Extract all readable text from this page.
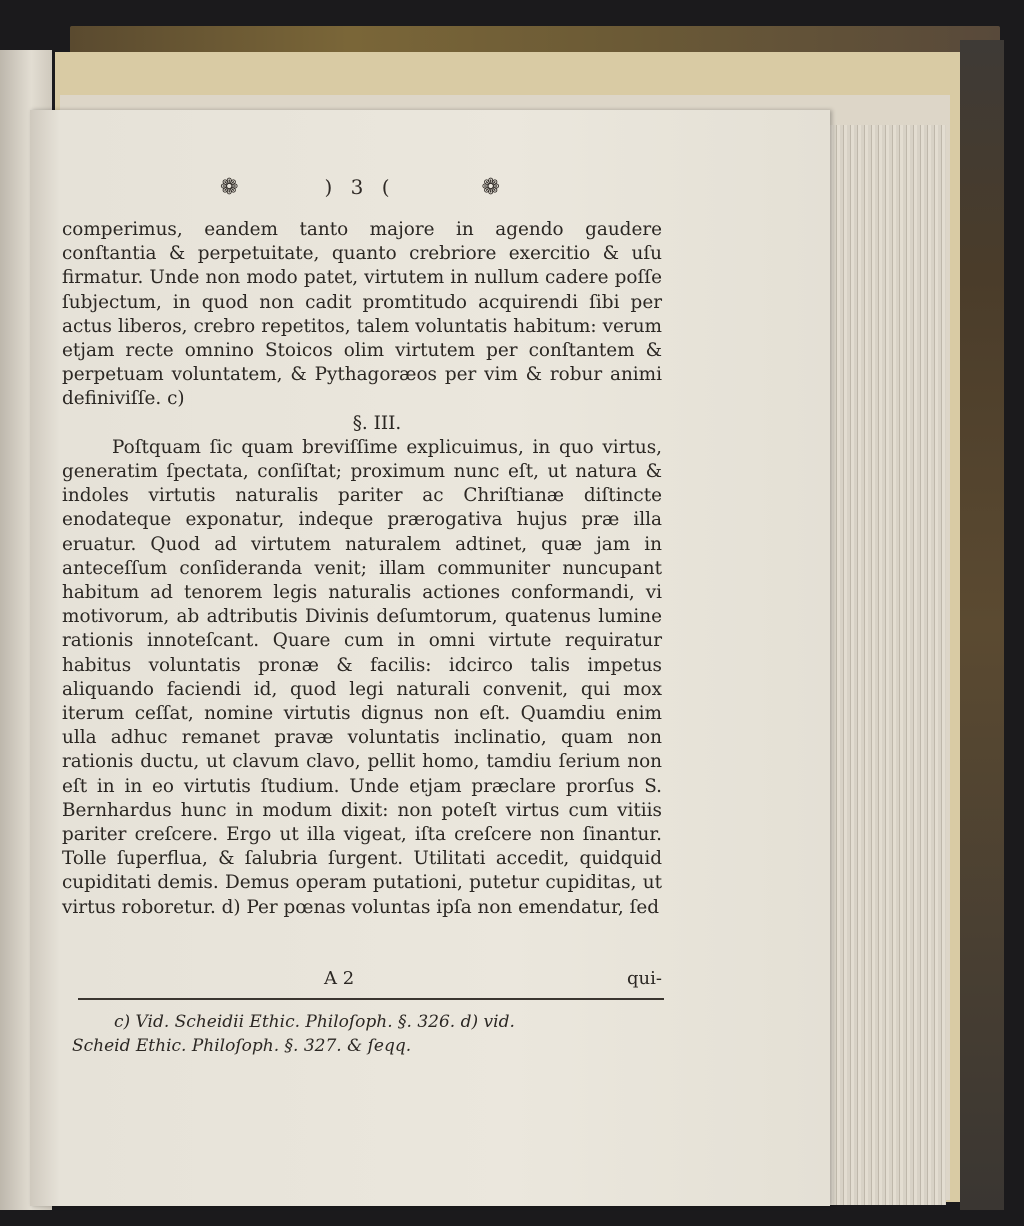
❁	) 3 (	❁

comperimus, eandem tanto majore in agendo gaudere conſtantia & perpetuitate, quanto crebriore exercitio & uſu firmatur. Unde non modo patet, virtutem in nullum cadere poſſe ſubjectum, in quod non cadit promtitudo acquirendi ſibi per actus liberos, crebro repetitos, talem voluntatis habitum: verum etjam recte omnino Stoicos olim virtutem per conſtantem & perpetuam voluntatem, & Pythagoræos per vim & robur animi definiviſſe. c)

§. III.

Poſtquam ſic quam breviſſime explicuimus, in quo virtus, generatim ſpectata, conſiſtat; proximum nunc eſt, ut natura & indoles virtutis naturalis pariter ac Chriſtianæ diſtincte enodateque exponatur, indeque prærogativa hujus præ illa eruatur. Quod ad virtutem naturalem adtinet, quæ jam in anteceſſum conſideranda venit; illam communiter nuncupant habitum ad tenorem legis naturalis actiones conformandi, vi motivorum, ab adtributis Divinis deſumtorum, quatenus lumine rationis innoteſcant. Quare cum in omni virtute requiratur habitus voluntatis pronæ & facilis: idcirco talis impetus aliquando faciendi id, quod legi naturali convenit, qui mox iterum ceſſat, nomine virtutis dignus non eſt. Quamdiu enim ulla adhuc remanet pravæ voluntatis inclinatio, quam non rationis ductu, ut clavum clavo, pellit homo, tamdiu ſerium non eſt in in eo virtutis ſtudium. Unde etjam præclare prorſus S. Bernhardus hunc in modum dixit: non poteſt virtus cum vitiis pariter creſcere. Ergo ut illa vigeat, iſta creſcere non ſinantur. Tolle ſuperflua, & ſalubria ſurgent. Utilitati accedit, quidquid cupiditati demis. Demus operam putationi, putetur cupiditas, ut virtus roboretur. d) Per pœnas voluntas ipſa non emendatur, ſed

A 2	qui-

c) Vid. Scheidii Ethic. Philoſoph. §. 326. d) vid.

Scheid Ethic. Philoſoph. §. 327. & ſeqq.
